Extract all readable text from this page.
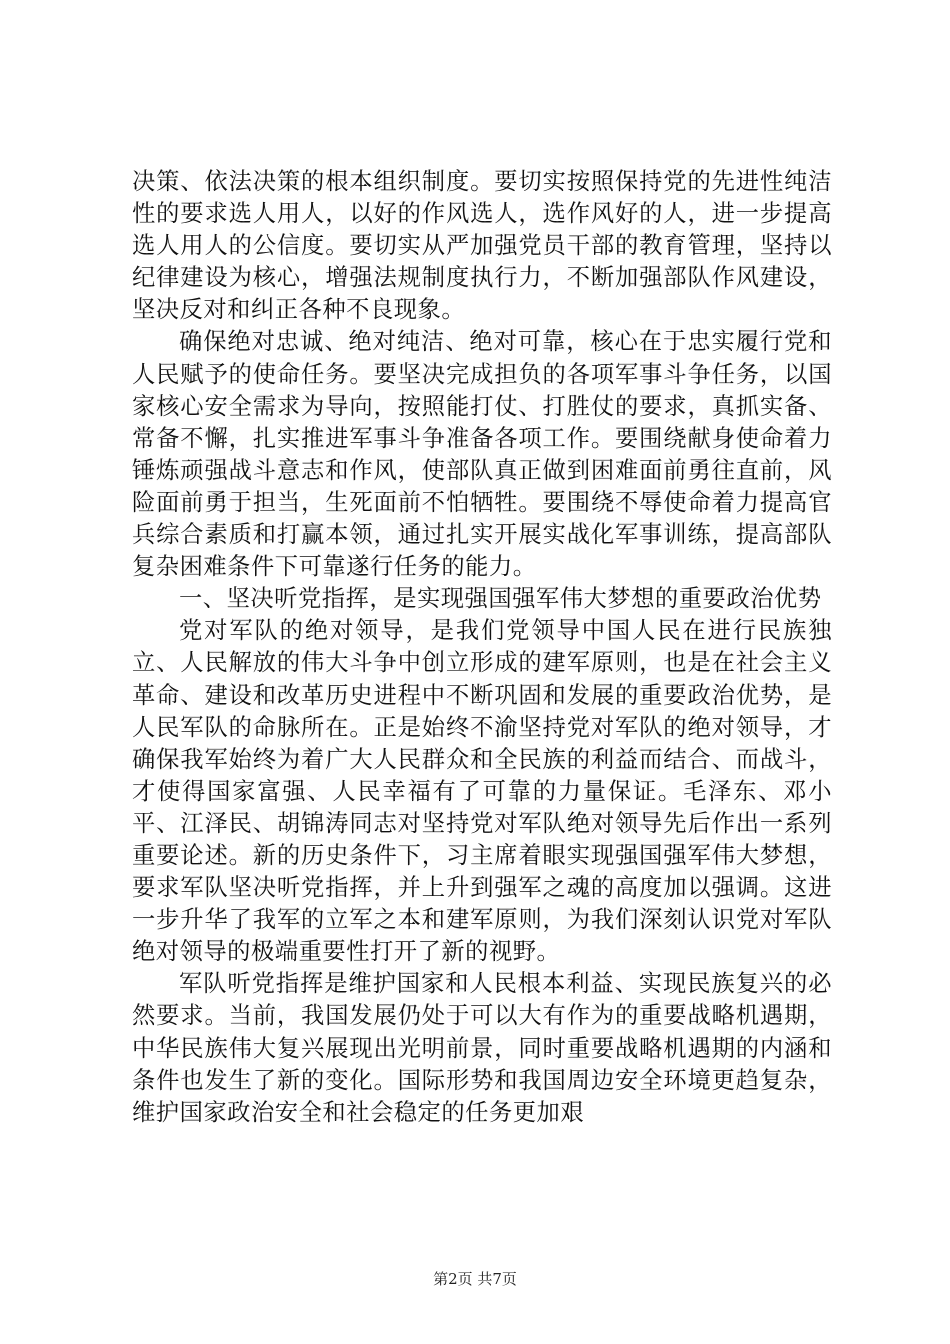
决策、依法决策的根本组织制度。要切实按照保持党的先进性纯洁性的要求选人用人，以好的作风选人，选作风好的人，进一步提高选人用人的公信度。要切实从严加强党员干部的教育管理，坚持以纪律建设为核心，增强法规制度执行力，不断加强部队作风建设，坚决反对和纠正各种不良现象。

确保绝对忠诚、绝对纯洁、绝对可靠，核心在于忠实履行党和人民赋予的使命任务。要坚决完成担负的各项军事斗争任务，以国家核心安全需求为导向，按照能打仗、打胜仗的要求，真抓实备、常备不懈，扎实推进军事斗争准备各项工作。要围绕献身使命着力锤炼顽强战斗意志和作风，使部队真正做到困难面前勇往直前，风险面前勇于担当，生死面前不怕牺牲。要围绕不辱使命着力提高官兵综合素质和打赢本领，通过扎实开展实战化军事训练，提高部队复杂困难条件下可靠遂行任务的能力。

一、坚决听党指挥，是实现强国强军伟大梦想的重要政治优势

党对军队的绝对领导，是我们党领导中国人民在进行民族独立、人民解放的伟大斗争中创立形成的建军原则，也是在社会主义革命、建设和改革历史进程中不断巩固和发展的重要政治优势，是人民军队的命脉所在。正是始终不渝坚持党对军队的绝对领导，才确保我军始终为着广大人民群众和全民族的利益而结合、而战斗，才使得国家富强、人民幸福有了可靠的力量保证。毛泽东、邓小平、江泽民、胡锦涛同志对坚持党对军队绝对领导先后作出一系列重要论述。新的历史条件下，习主席着眼实现强国强军伟大梦想，要求军队坚决听党指挥，并上升到强军之魂的高度加以强调。这进一步升华了我军的立军之本和建军原则，为我们深刻认识党对军队绝对领导的极端重要性打开了新的视野。

军队听党指挥是维护国家和人民根本利益、实现民族复兴的必然要求。当前，我国发展仍处于可以大有作为的重要战略机遇期，中华民族伟大复兴展现出光明前景，同时重要战略机遇期的内涵和条件也发生了新的变化。国际形势和我国周边安全环境更趋复杂，维护国家政治安全和社会稳定的任务更加艰

第2页 共7页
